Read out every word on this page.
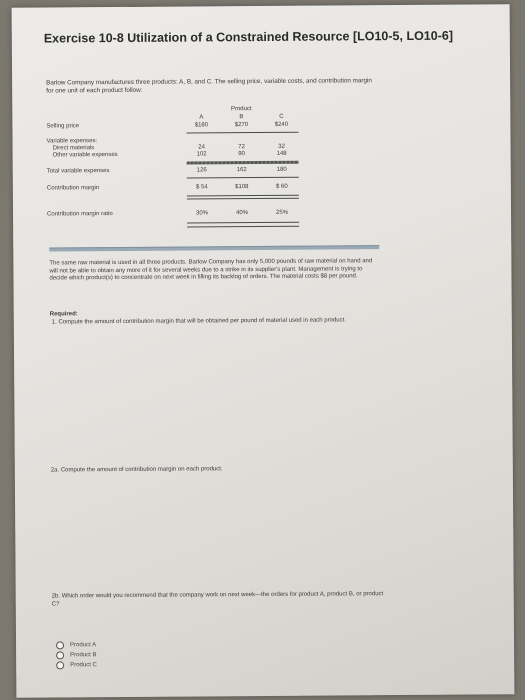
Exercise 10-8 Utilization of a Constrained Resource [LO10-5, LO10-6]
Barlow Company manufactures three products: A, B, and C. The selling price, variable costs, and contribution margin for one unit of each product follow:
Product
A	B	C
Selling price	$180	$270	$240
Variable expenses:
Direct materials	24	72	32
Other variable expenses	102	90	148
Total variable expenses	126	162	180
Contribution margin	$ 54	$108	$ 60
Contribution margin ratio	30%	40%	25%
The same raw material is used in all three products. Barlow Company has only 5,000 pounds of raw material on hand and will not be able to obtain any more of it for several weeks due to a strike in its supplier's plant. Management is trying to decide which product(s) to concentrate on next week in filling its backlog of orders. The material costs $8 per pound.
Required:
1. Compute the amount of contribution margin that will be obtained per pound of material used in each product.
2a. Compute the amount of contribution margin on each product.
2b. Which order would you recommend that the company work on next week—the orders for product A, product B, or product C?
Product A
Product B
Product C
